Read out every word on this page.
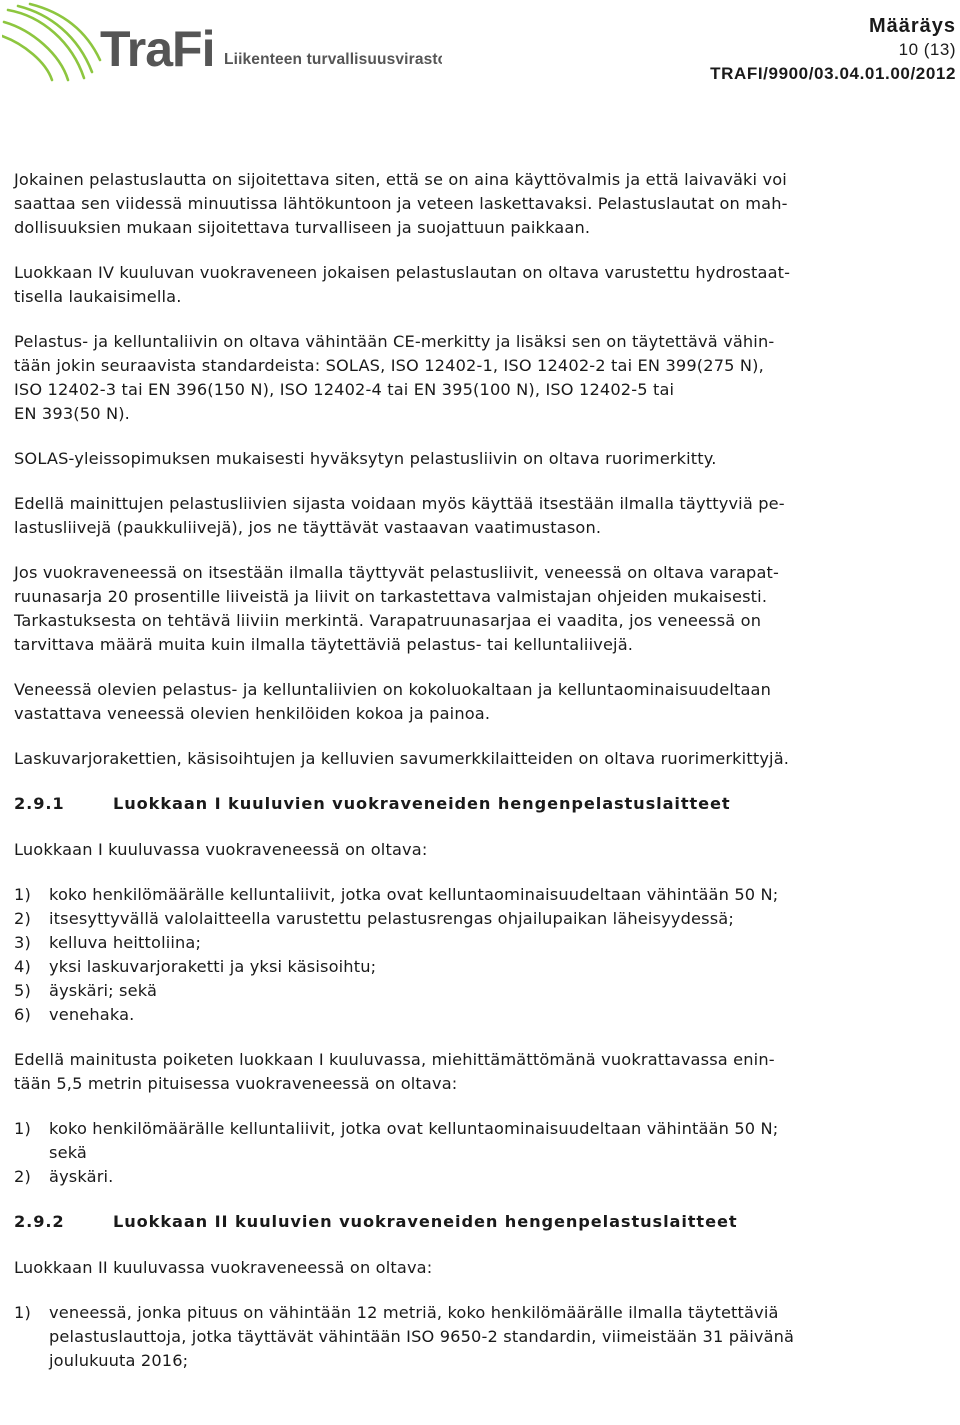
TraFi Liikenteen turvallisuusvirasto
Määräys
10 (13)
TRAFI/9900/03.04.01.00/2012

Jokainen pelastuslautta on sijoitettava siten, että se on aina käyttövalmis ja että laivaväki voi
saattaa sen viidessä minuutissa lähtökuntoon ja veteen laskettavaksi. Pelastuslautat on mah-
dollisuuksien mukaan sijoitettava turvalliseen ja suojattuun paikkaan.

Luokkaan IV kuuluvan vuokraveneen jokaisen pelastuslautan on oltava varustettu hydrostaat-
tisella laukaisimella.

Pelastus- ja kelluntaliivin on oltava vähintään CE-merkitty ja lisäksi sen on täytettävä vähin-
tään jokin seuraavista standardeista: SOLAS, ISO 12402-1, ISO 12402-2 tai EN 399(275 N),
ISO 12402-3 tai EN 396(150 N), ISO 12402-4 tai EN 395(100 N), ISO 12402-5 tai
EN 393(50 N).

SOLAS-yleissopimuksen mukaisesti hyväksytyn pelastusliivin on oltava ruorimerkitty.

Edellä mainittujen pelastusliivien sijasta voidaan myös käyttää itsestään ilmalla täyttyviä pe-
lastusliivejä (paukkuliivejä), jos ne täyttävät vastaavan vaatimustason.

Jos vuokraveneessä on itsestään ilmalla täyttyvät pelastusliivit, veneessä on oltava varapat-
ruunasarja 20 prosentille liiveistä ja liivit on tarkastettava valmistajan ohjeiden mukaisesti.
Tarkastuksesta on tehtävä liiviin merkintä. Varapatruunasarjaa ei vaadita, jos veneessä on
tarvittava määrä muita kuin ilmalla täytettäviä pelastus- tai kelluntaliivejä.

Veneessä olevien pelastus- ja kelluntaliivien on kokoluokaltaan ja kelluntaominaisuudeltaan
vastattava veneessä olevien henkilöiden kokoa ja painoa.

Laskuvarjorakettien, käsisoihtujen ja kelluvien savumerkkilaitteiden on oltava ruorimerkittyjä.

2.9.1	Luokkaan I kuuluvien vuokraveneiden hengenpelastuslaitteet

Luokkaan I kuuluvassa vuokraveneessä on oltava:

1) koko henkilömäärälle kelluntaliivit, jotka ovat kelluntaominaisuudeltaan vähintään 50 N;
2) itsesyttyvällä valolaitteella varustettu pelastusrengas ohjailupaikan läheisyydessä;
3) kelluva heittoliina;
4) yksi laskuvarjoraketti ja yksi käsisoihtu;
5) äyskäri; sekä
6) venehaka.

Edellä mainitusta poiketen luokkaan I kuuluvassa, miehittämättömänä vuokrattavassa enin-
tään 5,5 metrin pituisessa vuokraveneessä on oltava:

1) koko henkilömäärälle kelluntaliivit, jotka ovat kelluntaominaisuudeltaan vähintään 50 N;
sekä
2) äyskäri.
2.9.2	Luokkaan II kuuluvien vuokraveneiden hengenpelastuslaitteet

Luokkaan II kuuluvassa vuokraveneessä on oltava:

1) veneessä, jonka pituus on vähintään 12 metriä, koko henkilömäärälle ilmalla täytettäviä
pelastuslauttoja, jotka täyttävät vähintään ISO 9650-2 standardin, viimeistään 31 päivänä
joulukuuta 2016;
